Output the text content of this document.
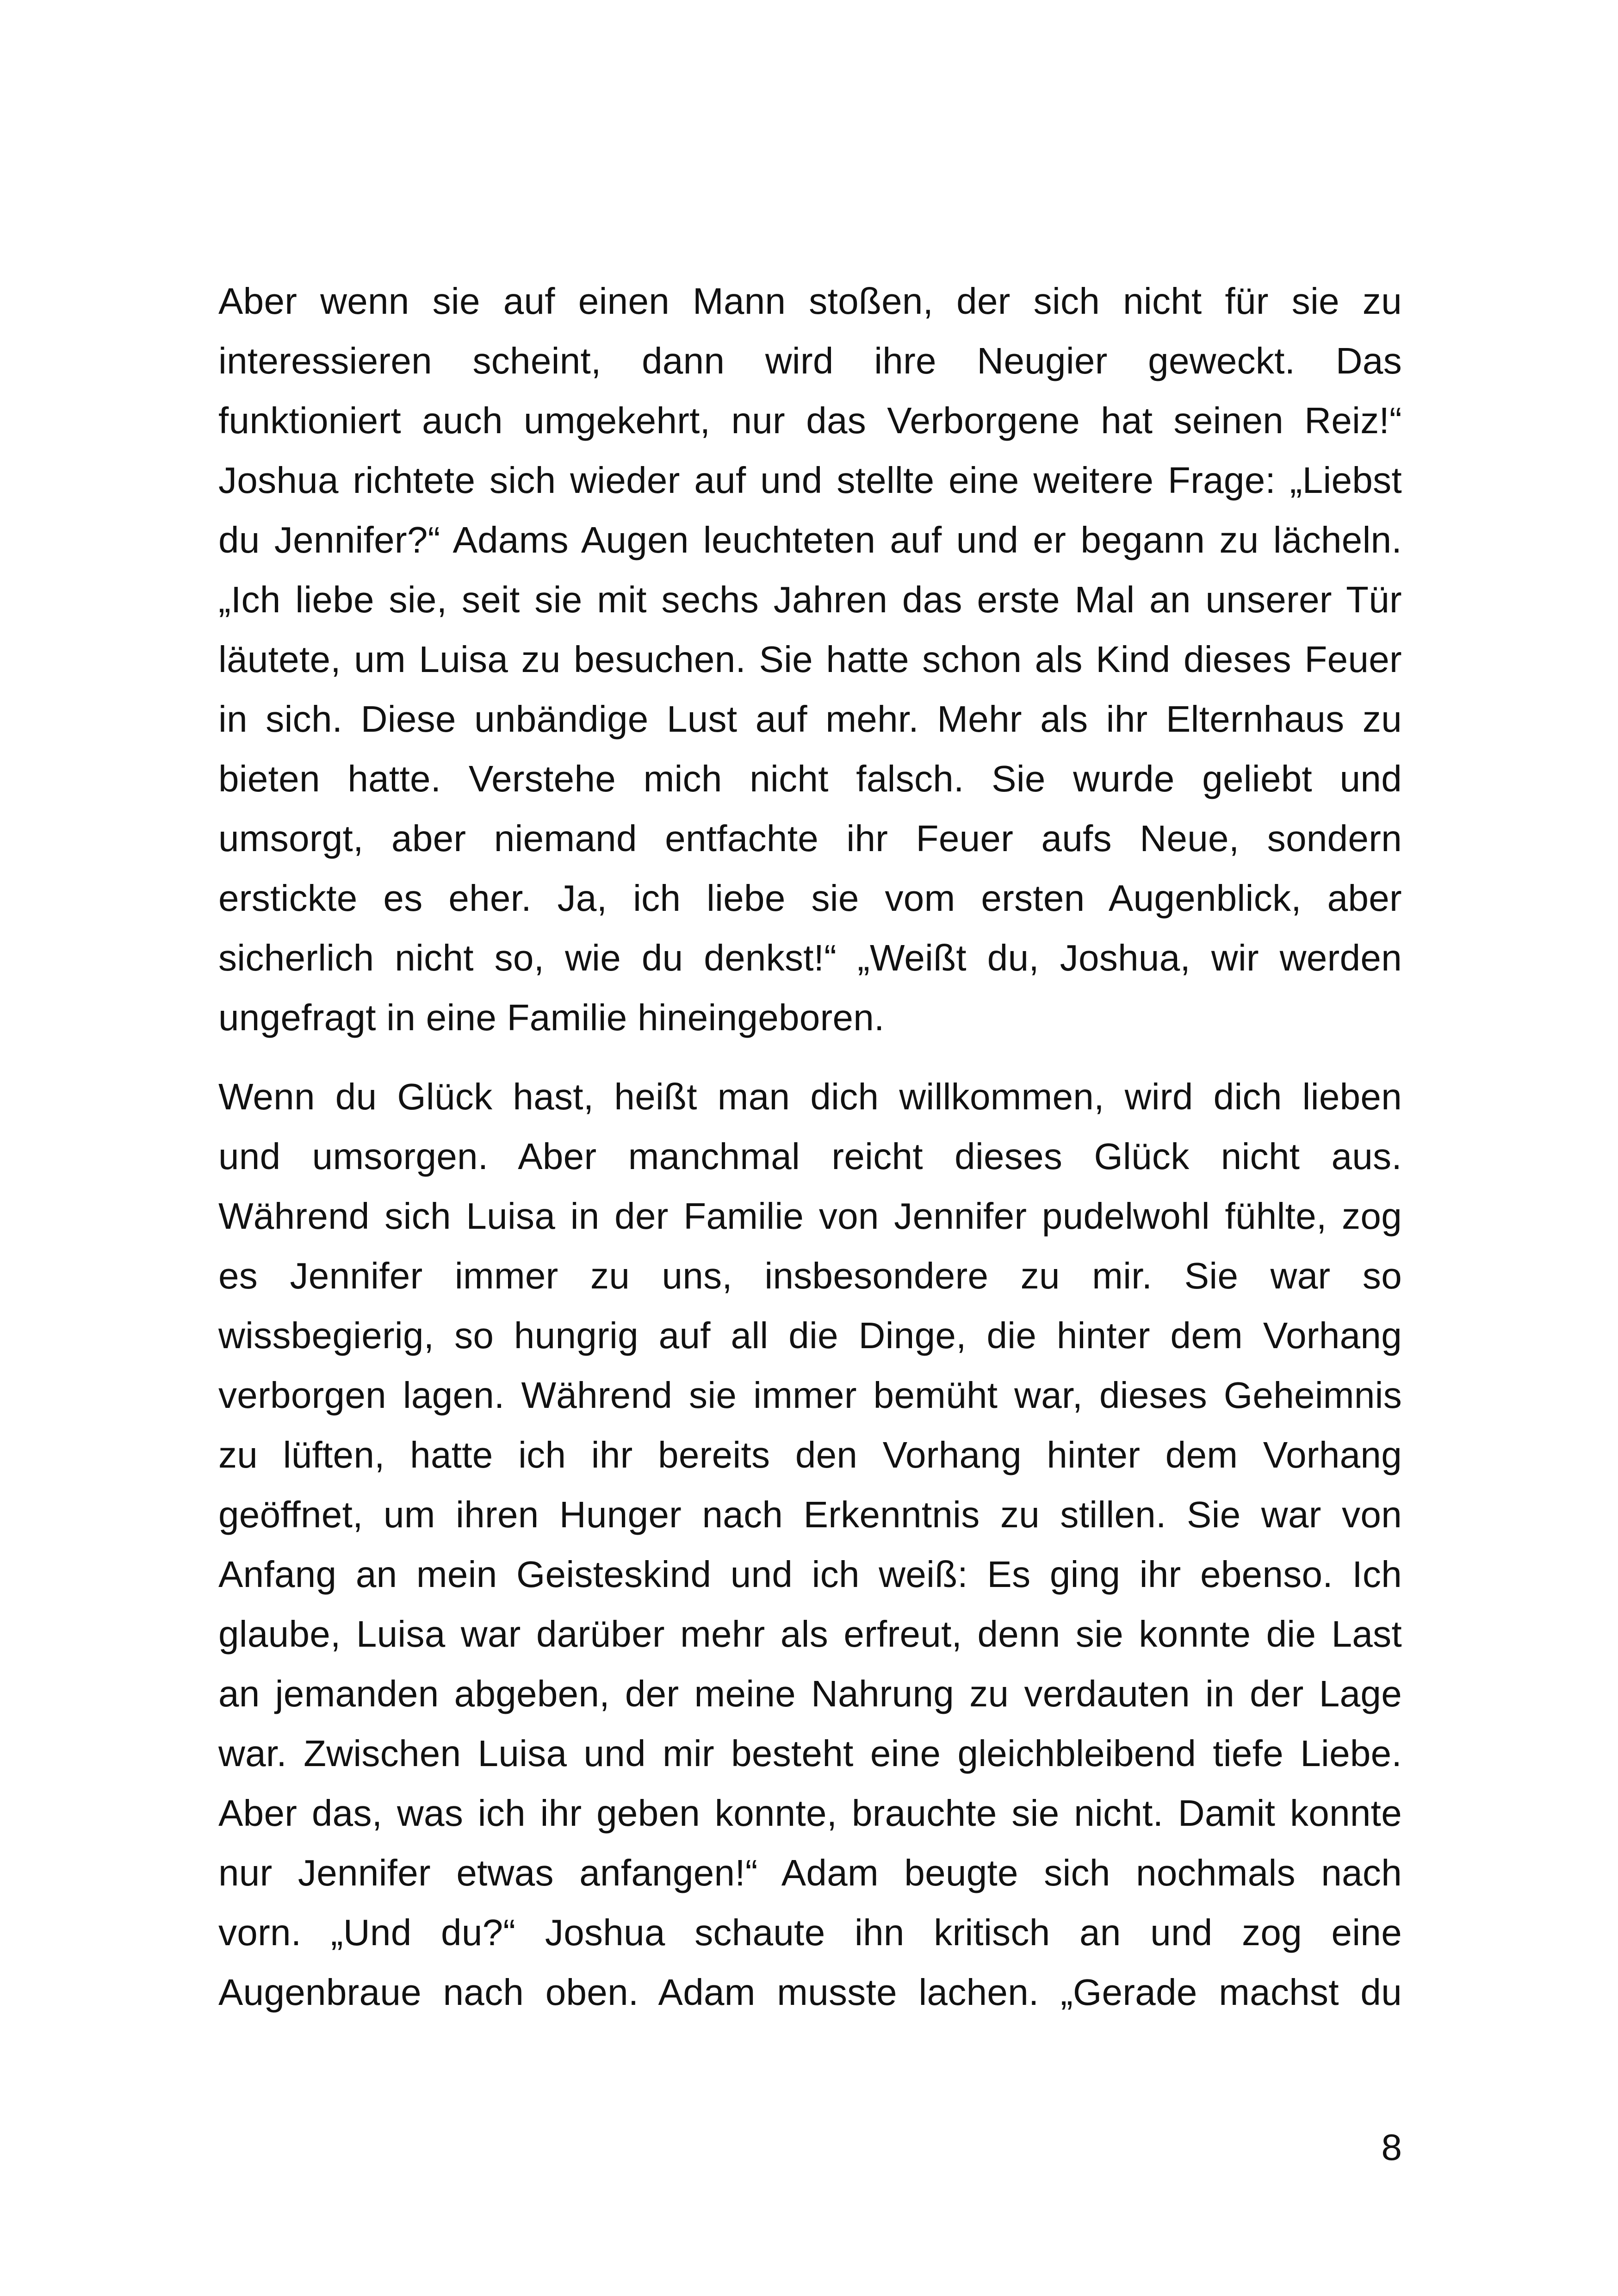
Aber wenn sie auf einen Mann stoßen, der sich nicht für sie zu
interessieren scheint, dann wird ihre Neugier geweckt. Das
funktioniert auch umgekehrt, nur das Verborgene hat seinen Reiz!“
Joshua richtete sich wieder auf und stellte eine weitere Frage: „Liebst
du Jennifer?“ Adams Augen leuchteten auf und er begann zu lächeln.
„Ich liebe sie, seit sie mit sechs Jahren das erste Mal an unserer Tür
läutete, um Luisa zu besuchen. Sie hatte schon als Kind dieses Feuer
in sich. Diese unbändige Lust auf mehr. Mehr als ihr Elternhaus zu
bieten hatte. Verstehe mich nicht falsch. Sie wurde geliebt und
umsorgt, aber niemand entfachte ihr Feuer aufs Neue, sondern
erstickte es eher. Ja, ich liebe sie vom ersten Augenblick, aber
sicherlich nicht so, wie du denkst!“ „Weißt du, Joshua, wir werden
ungefragt in eine Familie hineingeboren.
Wenn du Glück hast, heißt man dich willkommen, wird dich lieben
und umsorgen. Aber manchmal reicht dieses Glück nicht aus.
Während sich Luisa in der Familie von Jennifer pudelwohl fühlte, zog
es Jennifer immer zu uns, insbesondere zu mir. Sie war so
wissbegierig, so hungrig auf all die Dinge, die hinter dem Vorhang
verborgen lagen. Während sie immer bemüht war, dieses Geheimnis
zu lüften, hatte ich ihr bereits den Vorhang hinter dem Vorhang
geöffnet, um ihren Hunger nach Erkenntnis zu stillen. Sie war von
Anfang an mein Geisteskind und ich weiß: Es ging ihr ebenso. Ich
glaube, Luisa war darüber mehr als erfreut, denn sie konnte die Last
an jemanden abgeben, der meine Nahrung zu verdauten in der Lage
war. Zwischen Luisa und mir besteht eine gleichbleibend tiefe Liebe.
Aber das, was ich ihr geben konnte, brauchte sie nicht. Damit konnte
nur Jennifer etwas anfangen!“ Adam beugte sich nochmals nach
vorn. „Und du?“ Joshua schaute ihn kritisch an und zog eine
Augenbraue nach oben. Adam musste lachen. „Gerade machst du
8
